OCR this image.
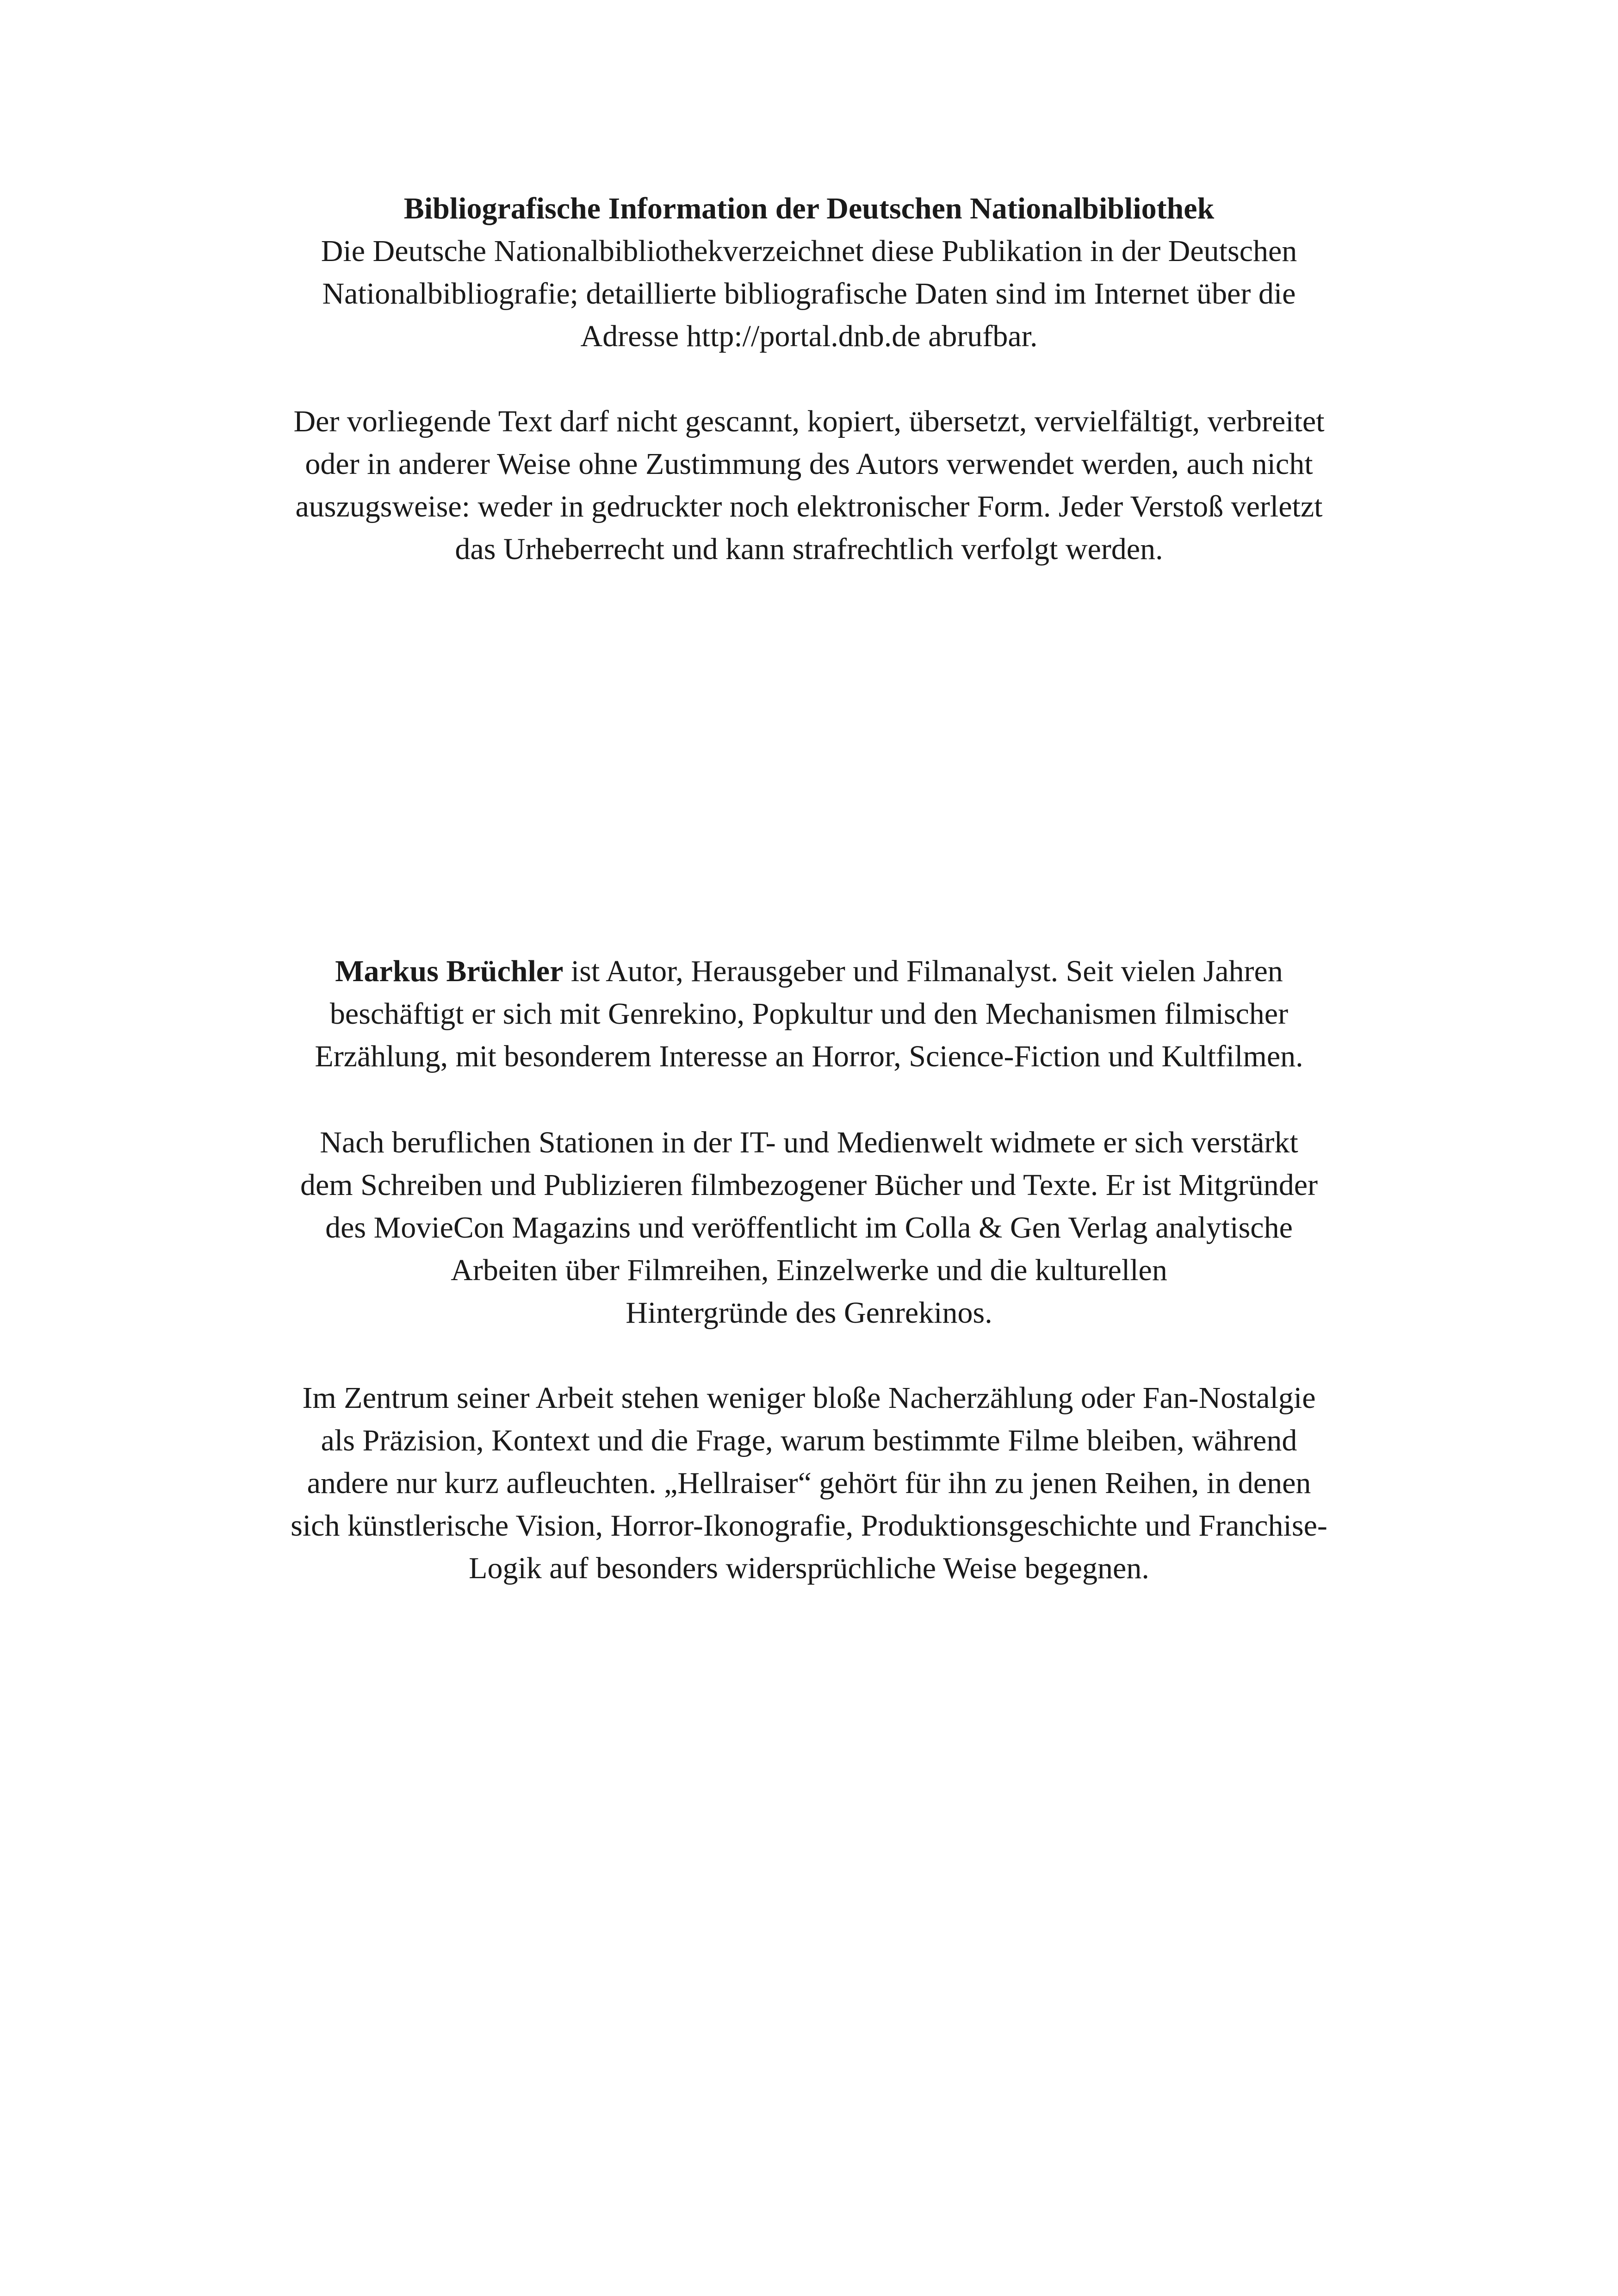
Bibliografische Information der Deutschen Nationalbibliothek
Die Deutsche Nationalbibliothekverzeichnet diese Publikation in der Deutschen
Nationalbibliografie; detaillierte bibliografische Daten sind im Internet über die
Adresse http://portal.dnb.de abrufbar.
Der vorliegende Text darf nicht gescannt, kopiert, übersetzt, vervielfältigt, verbreitet
oder in anderer Weise ohne Zustimmung des Autors verwendet werden, auch nicht
auszugsweise: weder in gedruckter noch elektronischer Form. Jeder Verstoß verletzt
das Urheberrecht und kann strafrechtlich verfolgt werden.
Markus Brüchler ist Autor, Herausgeber und Filmanalyst. Seit vielen Jahren
beschäftigt er sich mit Genrekino, Popkultur und den Mechanismen filmischer
Erzählung, mit besonderem Interesse an Horror, Science-Fiction und Kultfilmen.
Nach beruflichen Stationen in der IT- und Medienwelt widmete er sich verstärkt
dem Schreiben und Publizieren filmbezogener Bücher und Texte. Er ist Mitgründer
des MovieCon Magazins und veröffentlicht im Colla & Gen Verlag analytische
Arbeiten über Filmreihen, Einzelwerke und die kulturellen
Hintergründe des Genrekinos.
Im Zentrum seiner Arbeit stehen weniger bloße Nacherzählung oder Fan-Nostalgie
als Präzision, Kontext und die Frage, warum bestimmte Filme bleiben, während
andere nur kurz aufleuchten. „Hellraiser“ gehört für ihn zu jenen Reihen, in denen
sich künstlerische Vision, Horror-Ikonografie, Produktionsgeschichte und Franchise-
Logik auf besonders widersprüchliche Weise begegnen.
